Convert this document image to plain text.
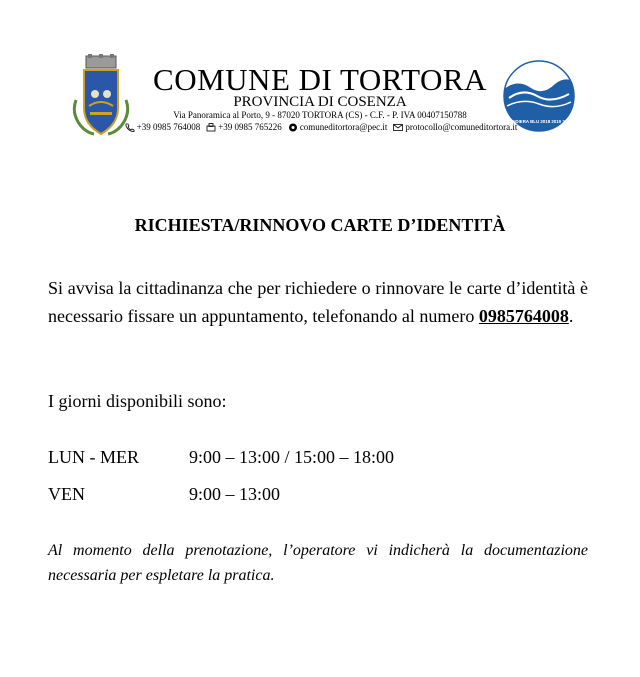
COMUNE DI TORTORA
PROVINCIA DI COSENZA
Via Panoramica al Porto, 9 - 87020 TORTORA (CS) - C.F. - P. IVA 00407150788
+39 0985 764008 +39 0985 765226 comuneditortora@pec.it protocollo@comuneditortora.it
BANDIERA BLU 2018 2019 2020
RICHIESTA/RINNOVO CARTE D’IDENTITÀ
Si avvisa la cittadinanza che per richiedere o rinnovare le carte d’identità è necessario fissare un appuntamento, telefonando al numero 0985764008.
I giorni disponibili sono:
LUN - MER	9:00 – 13:00 / 15:00 – 18:00
VEN	9:00 – 13:00
Al momento della prenotazione, l’operatore vi indicherà la documentazione necessaria per espletare la pratica.
